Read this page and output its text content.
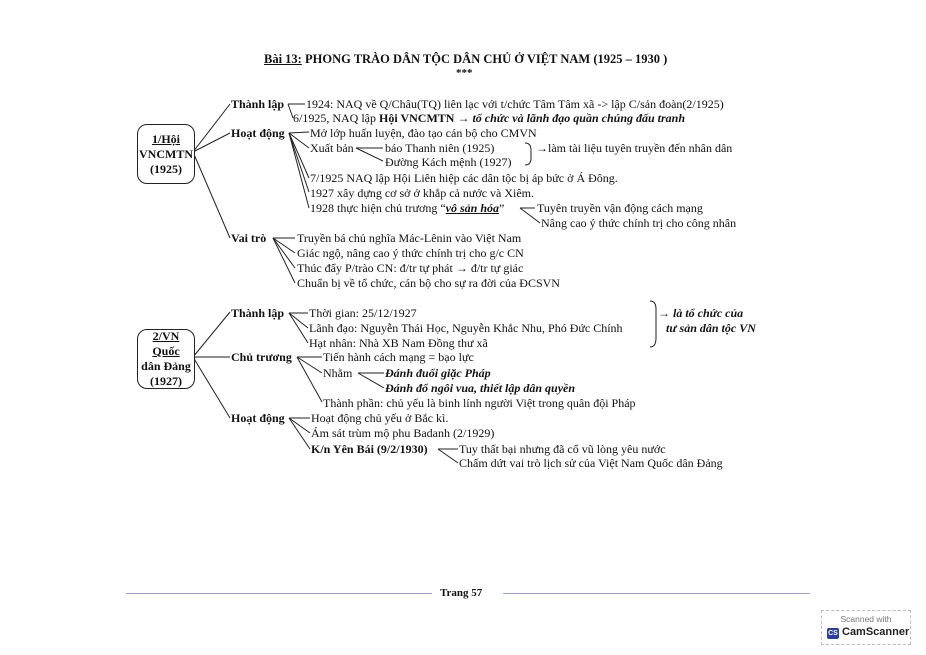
Bài 13: PHONG TRÀO DÂN TỘC DÂN CHỦ Ở VIỆT NAM (1925 – 1930 )
***
1/Hội
VNCMTN
(1925)
Thành lập 1924: NAQ về Q/Châu(TQ) liên lạc với t/chức Tâm Tâm xã -> lập C/sản đoàn(2/1925)
6/1925, NAQ lập Hội VNCMTN → tổ chức và lãnh đạo quần chúng đấu tranh
Hoạt động Mở lớp huấn luyện, đào tạo cán bộ cho CMVN
Xuất bản	báo Thanh niên (1925)
Đường Kách mệnh (1927)
→làm tài liệu tuyên truyền đến nhân dân
7/1925 NAQ lập Hội Liên hiệp các dân tộc bị áp bức ở Á Đông.
1927 xây dựng cơ sở ở khắp cả nước và Xiêm.
1928 thực hiện chủ trương “vô sản hóa”	Tuyên truyền vận động cách mạng
Nâng cao ý thức chính trị cho công nhân
Vai trò	Truyền bá chủ nghĩa Mác-Lênin vào Việt Nam
Giác ngộ, nâng cao ý thức chính trị cho g/c CN
Thúc đẩy P/trào CN: đ/tr tự phát → đ/tr tự giác
Chuẩn bị về tổ chức, cán bộ cho sự ra đời của ĐCSVN
2/VN Quốc
dân Đảng
(1927)
Thành lập Thời gian: 25/12/1927
Lãnh đạo: Nguyễn Thái Học, Nguyễn Khắc Nhu, Phó Đức Chính
Hạt nhân: Nhà XB Nam Đồng thư xã
→ là tổ chức của
tư sản dân tộc VN
Chủ trương	Tiến hành cách mạng = bạo lực
Nhằm	Đánh đuổi giặc Pháp
Đánh đổ ngôi vua, thiết lập dân quyền
Thành phần: chủ yếu là binh lính người Việt trong quân đội Pháp
Hoạt động Hoạt động chủ yếu ở Bắc kì.
Ám sát trùm mộ phu Badanh (2/1929)
K/n Yên Bái (9/2/1930)	Tuy thất bại nhưng đã cổ vũ lòng yêu nước
Chấm dứt vai trò lịch sử của Việt Nam Quốc dân Đảng
Trang 57
Scanned with
CS CamScanner
